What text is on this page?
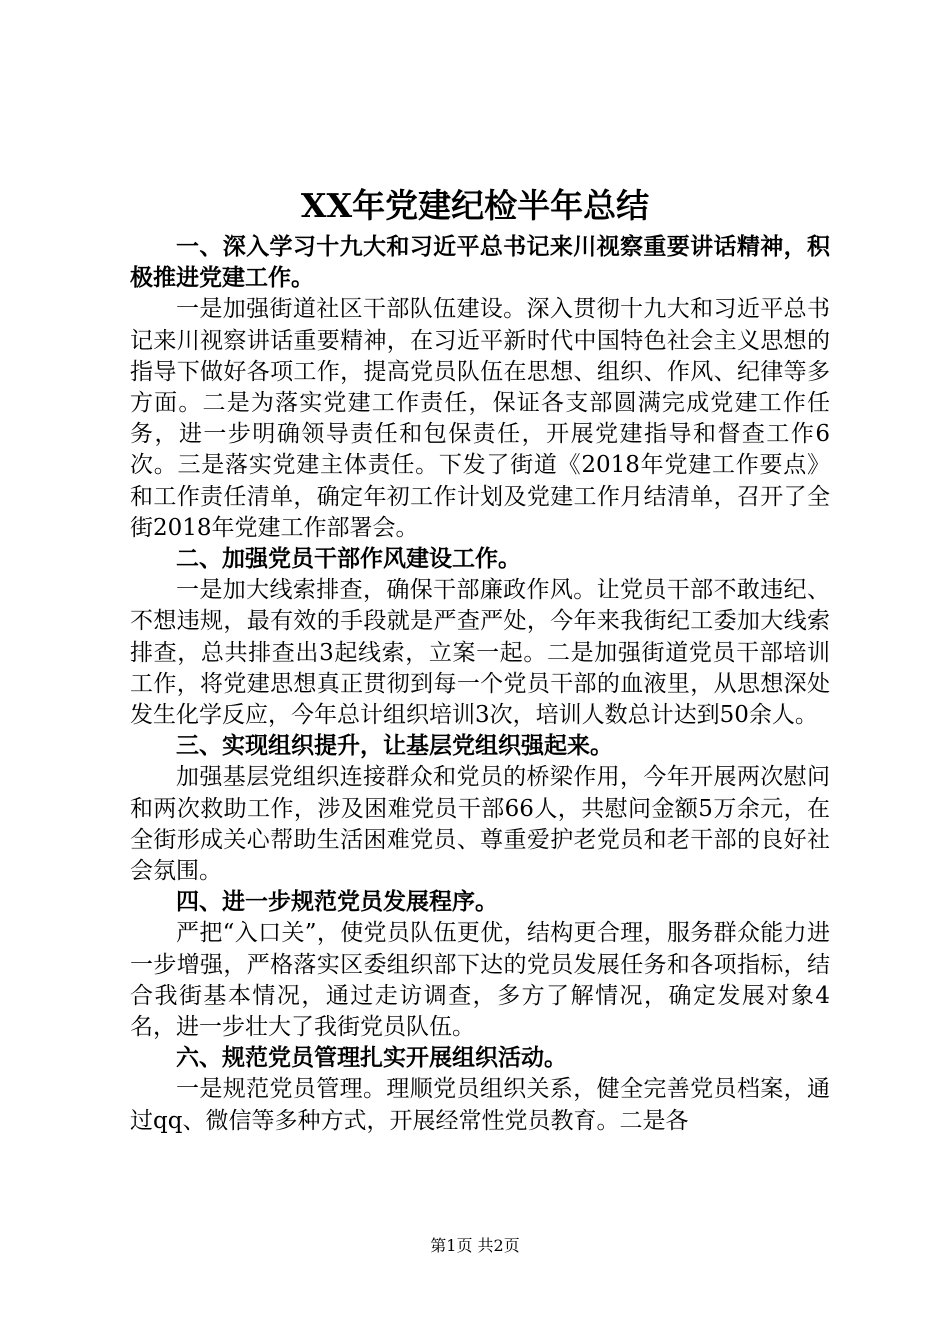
XX年党建纪检半年总结

一、深入学习十九大和习近平总书记来川视察重要讲话精神，积极推进党建工作。

一是加强街道社区干部队伍建设。深入贯彻十九大和习近平总书记来川视察讲话重要精神，在习近平新时代中国特色社会主义思想的指导下做好各项工作，提高党员队伍在思想、组织、作风、纪律等多方面。二是为落实党建工作责任，保证各支部圆满完成党建工作任务，进一步明确领导责任和包保责任，开展党建指导和督查工作6次。三是落实党建主体责任。下发了街道《2018年党建工作要点》和工作责任清单，确定年初工作计划及党建工作月结清单，召开了全街2018年党建工作部署会。

二、加强党员干部作风建设工作。

一是加大线索排查，确保干部廉政作风。让党员干部不敢违纪、不想违规，最有效的手段就是严查严处，今年来我街纪工委加大线索排查，总共排查出3起线索，立案一起。二是加强街道党员干部培训工作，将党建思想真正贯彻到每一个党员干部的血液里，从思想深处发生化学反应，今年总计组织培训3次，培训人数总计达到50余人。

三、实现组织提升，让基层党组织强起来。

加强基层党组织连接群众和党员的桥梁作用，今年开展两次慰问和两次救助工作，涉及困难党员干部66人，共慰问金额5万余元，在全街形成关心帮助生活困难党员、尊重爱护老党员和老干部的良好社会氛围。

四、进一步规范党员发展程序。

严把“入口关”，使党员队伍更优，结构更合理，服务群众能力进一步增强，严格落实区委组织部下达的党员发展任务和各项指标，结合我街基本情况，通过走访调查，多方了解情况，确定发展对象4名，进一步壮大了我街党员队伍。

六、规范党员管理扎实开展组织活动。

一是规范党员管理。理顺党员组织关系，健全完善党员档案，通过qq、微信等多种方式，开展经常性党员教育。二是各

第1页 共2页
